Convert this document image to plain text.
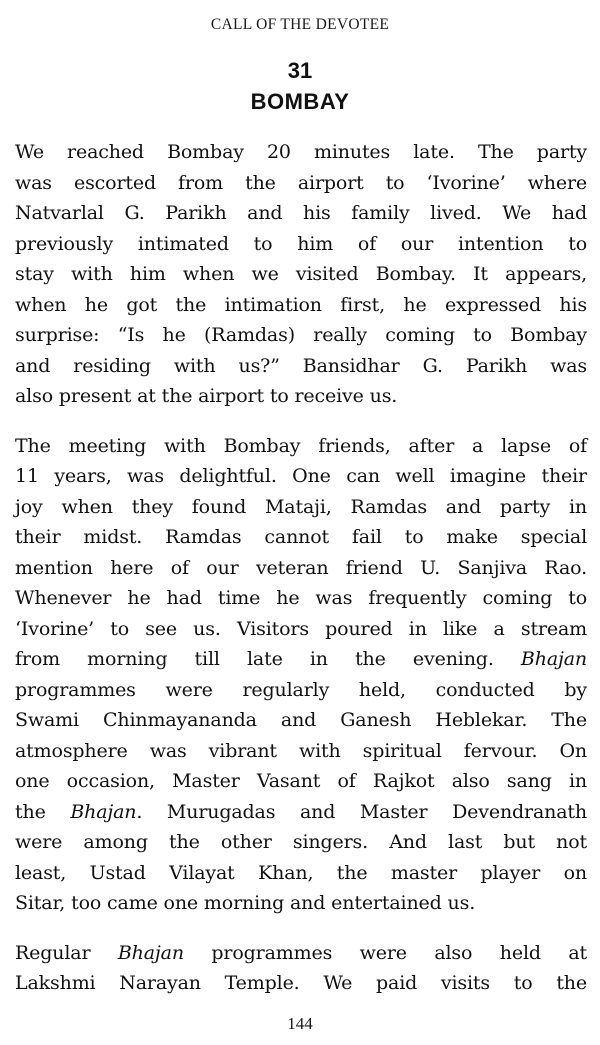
CALL OF THE DEVOTEE
31
BOMBAY
We reached Bombay 20 minutes late. The party
was escorted from the airport to ‘Ivorine’ where
Natvarlal G. Parikh and his family lived. We had
previously intimated to him of our intention to
stay with him when we visited Bombay. It appears,
when he got the intimation first, he expressed his
surprise: “Is he (Ramdas) really coming to Bombay
and residing with us?” Bansidhar G. Parikh was
also present at the airport to receive us.
The meeting with Bombay friends, after a lapse of
11 years, was delightful. One can well imagine their
joy when they found Mataji, Ramdas and party in
their midst. Ramdas cannot fail to make special
mention here of our veteran friend U. Sanjiva Rao.
Whenever he had time he was frequently coming to
‘Ivorine’ to see us. Visitors poured in like a stream
from morning till late in the evening. Bhajan
programmes were regularly held, conducted by
Swami Chinmayananda and Ganesh Heblekar. The
atmosphere was vibrant with spiritual fervour. On
one occasion, Master Vasant of Rajkot also sang in
the Bhajan. Murugadas and Master Devendranath
were among the other singers. And last but not
least, Ustad Vilayat Khan, the master player on
Sitar, too came one morning and entertained us.
Regular Bhajan programmes were also held at
Lakshmi Narayan Temple. We paid visits to the
144
